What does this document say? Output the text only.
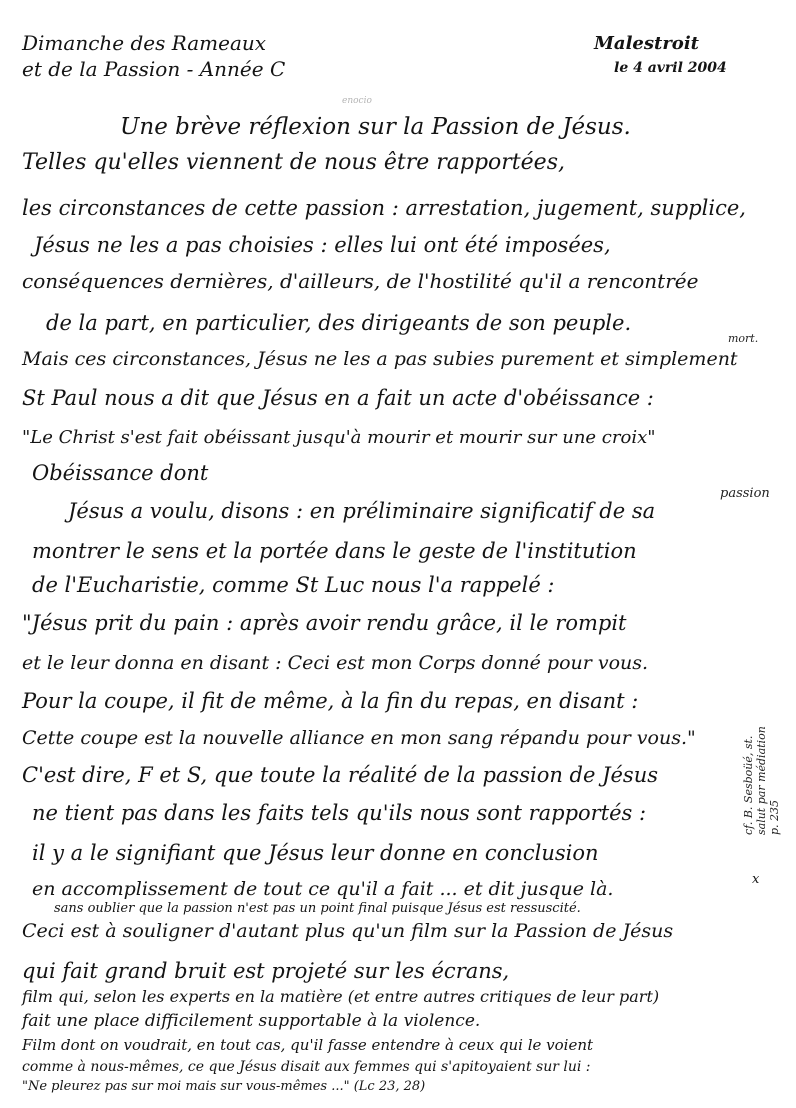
enocio
Dimanche des Rameaux
et de la Passion - Année C
Malestroit
le 4 avril 2004
Une brève réflexion sur la Passion de Jésus.
Telles qu'elles viennent de nous être rapportées,
les circonstances de cette passion : arrestation, jugement, supplice,
Jésus ne les a pas choisies : elles lui ont été imposées,
conséquences dernières, d'ailleurs, de l'hostilité qu'il a rencontrée
de la part, en particulier, des dirigeants de son peuple.
Mais ces circonstances, Jésus ne les a pas subies purement et simplement
St Paul nous a dit que Jésus en a fait un acte d'obéissance :
"Le Christ s'est fait obéissant jusqu'à mourir et mourir sur une croix"
Obéissance dont
Jésus a voulu, disons : en préliminaire significatif de sa
montrer le sens et la portée dans le geste de l'institution
de l'Eucharistie, comme St Luc nous l'a rappelé :
"Jésus prit du pain : après avoir rendu grâce, il le rompit
et le leur donna en disant : Ceci est mon Corps donné pour vous.
Pour la coupe, il fit de même, à la fin du repas, en disant :
Cette coupe est la nouvelle alliance en mon sang répandu pour vous."
C'est dire, F et S, que toute la réalité de la passion de Jésus
ne tient pas dans les faits tels qu'ils nous sont rapportés :
il y a le signifiant que Jésus leur donne en conclusion
en accomplissement de tout ce qu'il a fait ... et dit jusque là.
sans oublier que la passion n'est pas un point final puisque Jésus est ressuscité.
Ceci est à souligner d'autant plus qu'un film sur la Passion de Jésus
qui fait grand bruit est projeté sur les écrans,
film qui, selon les experts en la matière (et entre autres critiques de leur part)
fait une place difficilement supportable à la violence.
Film dont on voudrait, en tout cas, qu'il fasse entendre à ceux qui le voient
comme à nous-mêmes, ce que Jésus disait aux femmes qui s'apitoyaient sur lui :
"Ne pleurez pas sur moi mais sur vous-mêmes ..." (Lc 23, 28)
mort.
passion
cf. B. Sesboüé, st.
salut par médiation
p. 235
x
